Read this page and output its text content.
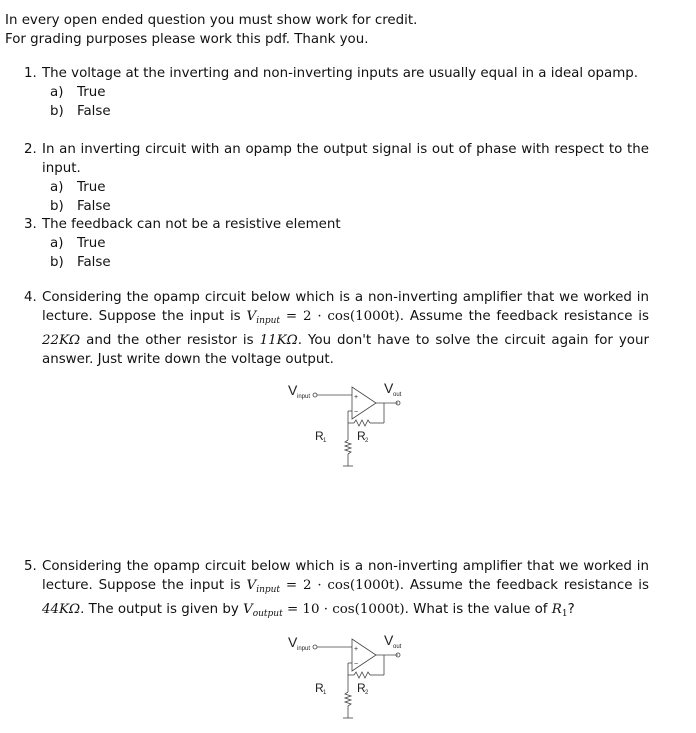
In every open ended question you must show work for credit.
For grading purposes please work this pdf. Thank you.
1. The voltage at the inverting and non-inverting inputs are usually equal in a ideal opamp.
a) True
b) False
2. In an inverting circuit with an opamp the output signal is out of phase with respect to the input.
a) True
b) False
3. The feedback can not be a resistive element
a) True
b) False
4. Considering the opamp circuit below which is a non-inverting amplifier that we worked in lecture. Suppose the input is $V_{input} = 2 \cdot \cos(1000t)$. Assume the feedback resistance is 22KΩ and the other resistor is 11KΩ. You don't have to solve the circuit again for your answer. Just write down the voltage output.
V input
V out
+
−
R 1	R 2
5. Considering the opamp circuit below which is a non-inverting amplifier that we worked in lecture. Suppose the input is $V_{input} = 2 \cdot \cos(1000t)$. Assume the feedback resistance is 44KΩ. The output is given by $V_{output} = 10 \cdot \cos(1000t)$. What is the value of $R_1$?
V input
V out
+
−
R 1	R 2
